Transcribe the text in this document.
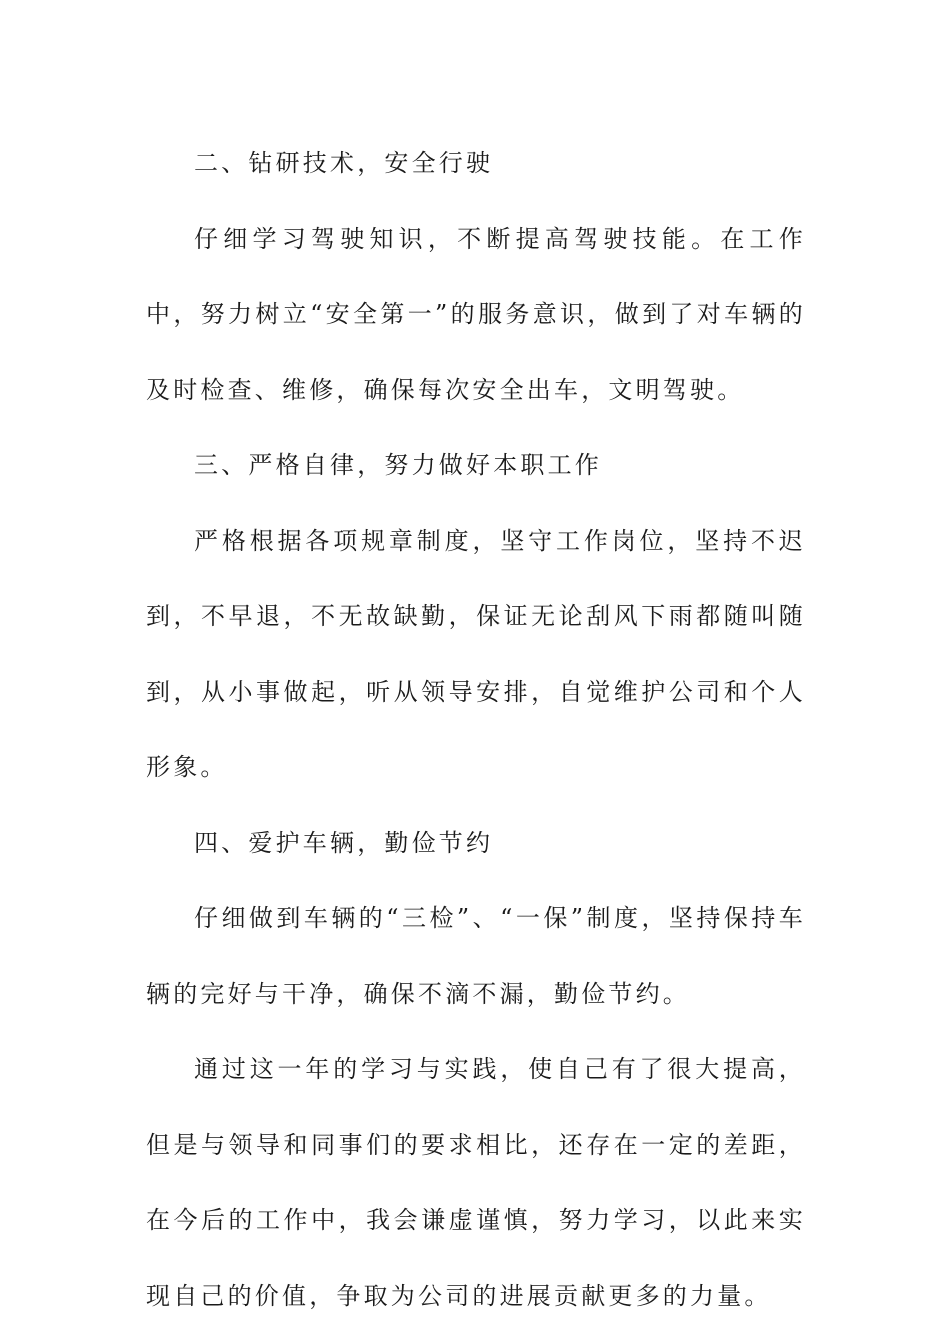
二、钻研技术，安全行驶

仔细学习驾驶知识，不断提高驾驶技能。在工作中，努力树立“安全第一”的服务意识，做到了对车辆的及时检查、维修，确保每次安全出车，文明驾驶。

三、严格自律，努力做好本职工作

严格根据各项规章制度，坚守工作岗位，坚持不迟到，不早退，不无故缺勤，保证无论刮风下雨都随叫随到，从小事做起，听从领导安排，自觉维护公司和个人形象。

四、爱护车辆，勤俭节约

仔细做到车辆的“三检”、“一保”制度，坚持保持车辆的完好与干净，确保不滴不漏，勤俭节约。

通过这一年的学习与实践，使自己有了很大提高，但是与领导和同事们的要求相比，还存在一定的差距，在今后的工作中，我会谦虚谨慎，努力学习，以此来实现自己的价值，争取为公司的进展贡献更多的力量。
